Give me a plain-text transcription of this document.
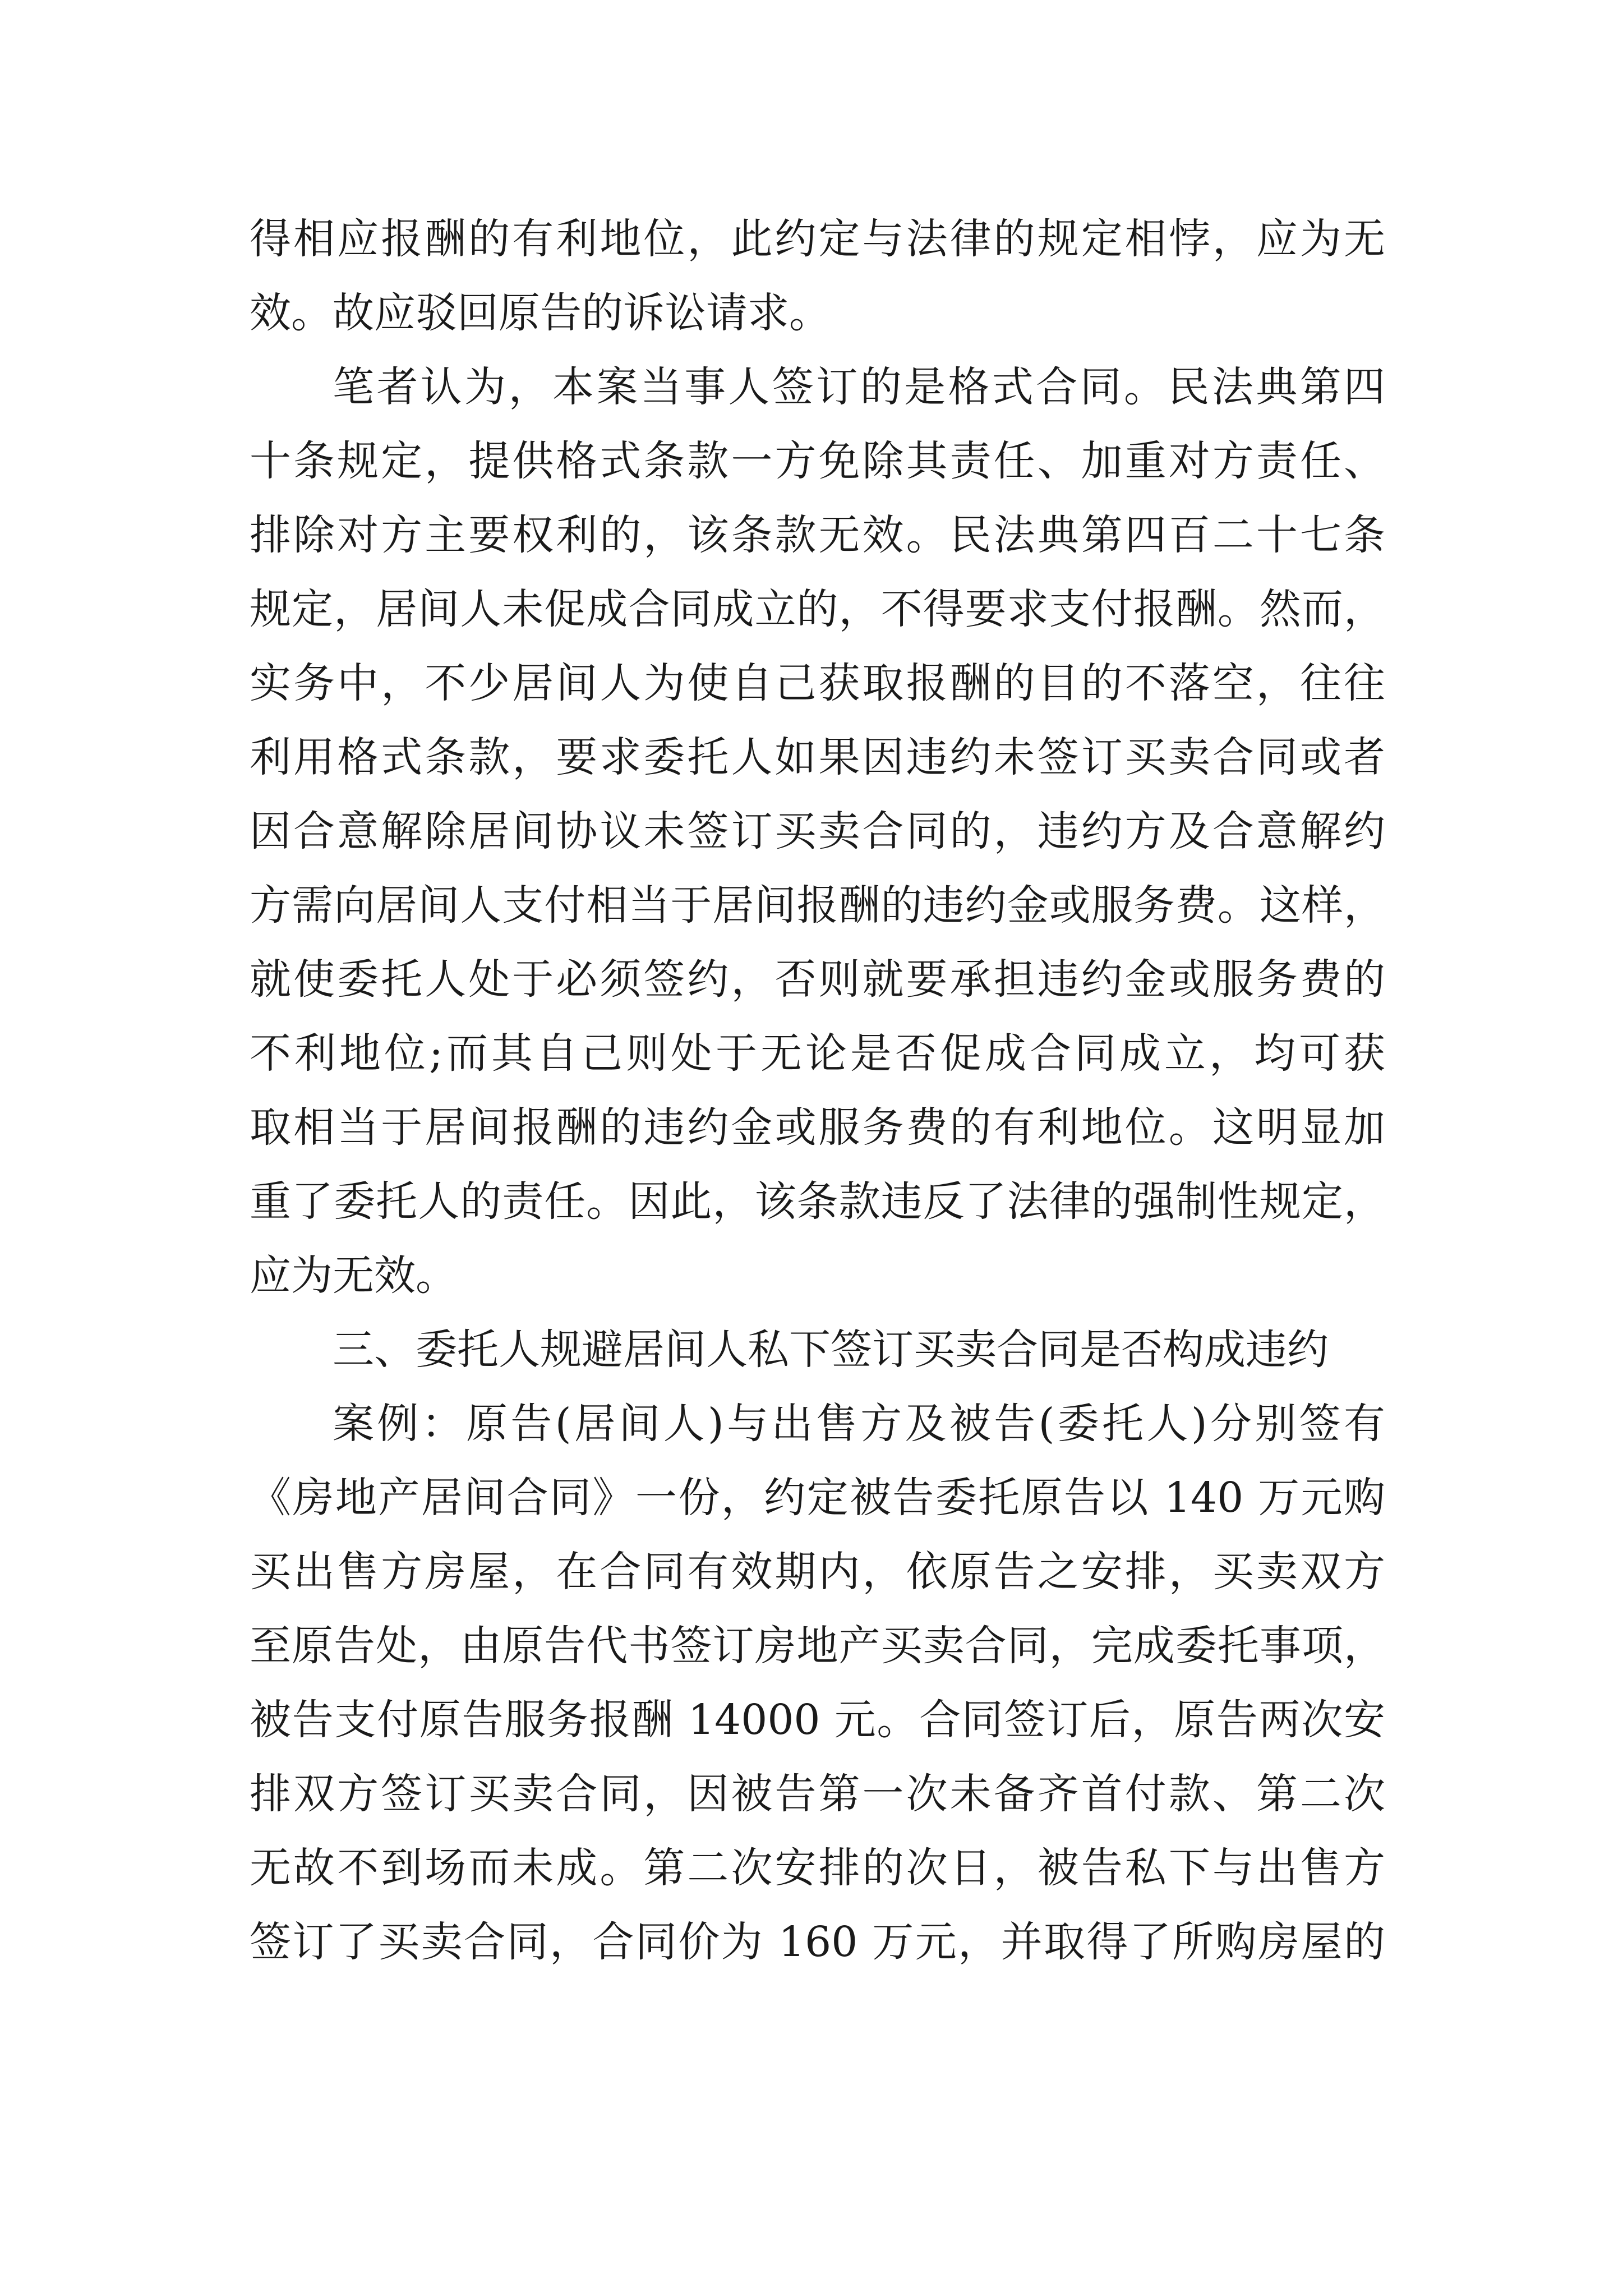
得相应报酬的有利地位，此约定与法律的规定相悖，应为无
效。故应驳回原告的诉讼请求。
笔者认为，本案当事人签订的是格式合同。民法典第四
十条规定，提供格式条款一方免除其责任、加重对方责任、
排除对方主要权利的，该条款无效。民法典第四百二十七条
规定，居间人未促成合同成立的，不得要求支付报酬。然而，
实务中，不少居间人为使自己获取报酬的目的不落空，往往
利用格式条款，要求委托人如果因违约未签订买卖合同或者
因合意解除居间协议未签订买卖合同的，违约方及合意解约
方需向居间人支付相当于居间报酬的违约金或服务费。这样，
就使委托人处于必须签约，否则就要承担违约金或服务费的
不利地位;而其自己则处于无论是否促成合同成立，均可获
取相当于居间报酬的违约金或服务费的有利地位。这明显加
重了委托人的责任。因此，该条款违反了法律的强制性规定，
应为无效。
三、委托人规避居间人私下签订买卖合同是否构成违约
案例：原告(居间人)与出售方及被告(委托人)分别签有
《房地产居间合同》一份，约定被告委托原告以 140 万元购
买出售方房屋，在合同有效期内，依原告之安排，买卖双方
至原告处，由原告代书签订房地产买卖合同，完成委托事项，
被告支付原告服务报酬 14000 元。合同签订后，原告两次安
排双方签订买卖合同，因被告第一次未备齐首付款、第二次
无故不到场而未成。第二次安排的次日，被告私下与出售方
签订了买卖合同，合同价为 160 万元，并取得了所购房屋的
